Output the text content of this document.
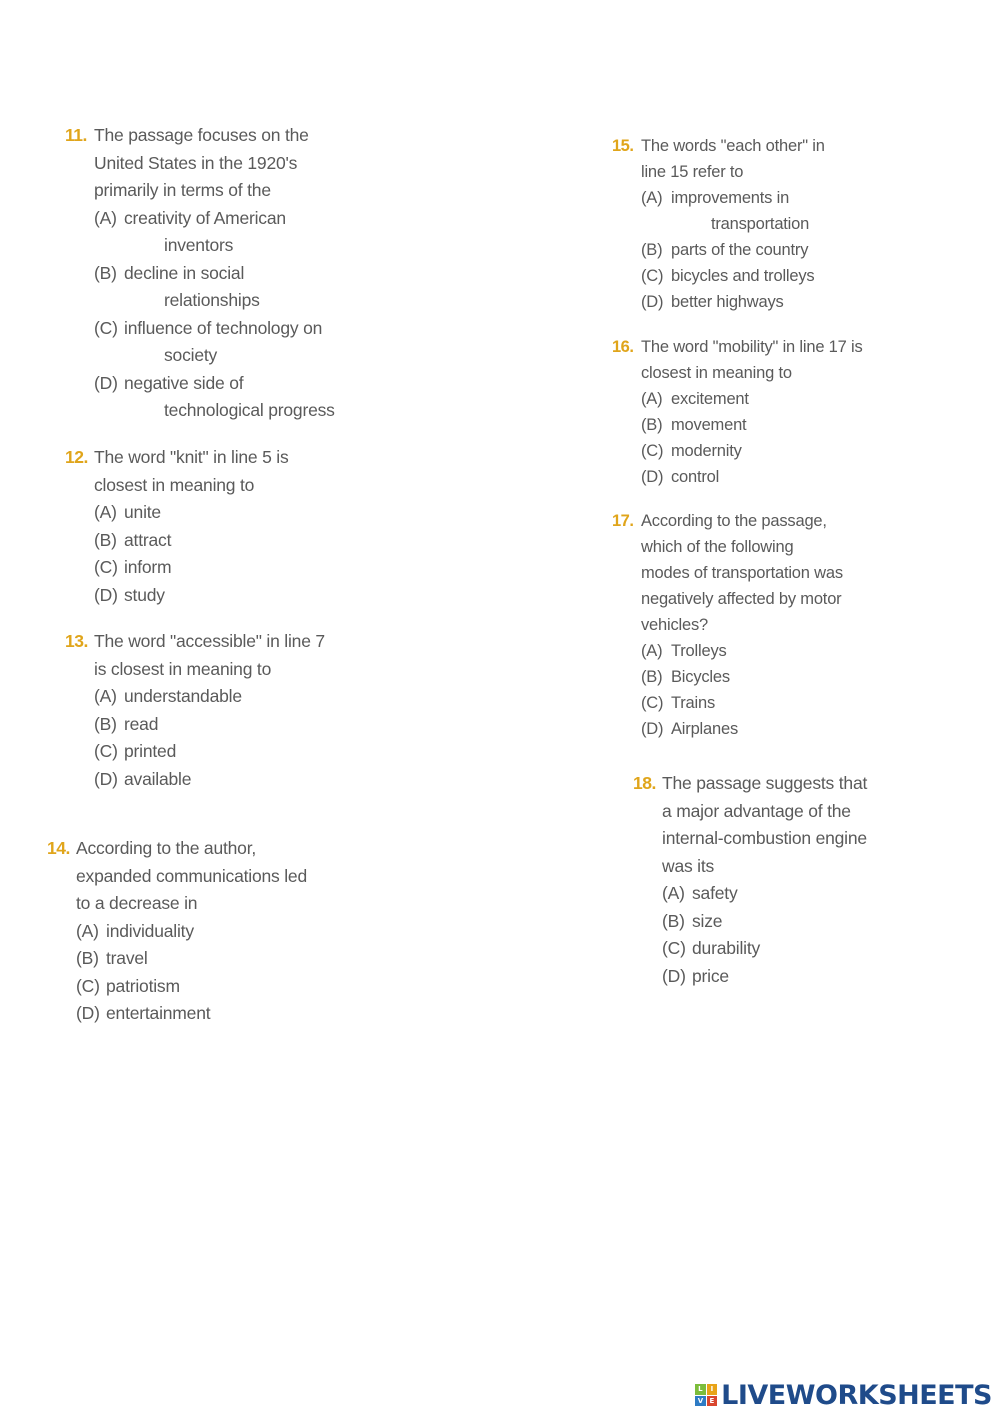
11. The passage focuses on the
United States in the 1920's
primarily in terms of the
(A) creativity of American
inventors
(B) decline in social
relationships
(C) influence of technology on
society
(D) negative side of
technological progress
12. The word "knit" in line 5 is
closest in meaning to
(A) unite
(B) attract
(C) inform
(D) study
13. The word "accessible" in line 7
is closest in meaning to
(A) understandable
(B) read
(C) printed
(D) available
14. According to the author,
expanded communications led
to a decrease in
(A) individuality
(B) travel
(C) patriotism
(D) entertainment
15. The words "each other" in
line 15 refer to
(A) improvements in
transportation
(B) parts of the country
(C) bicycles and trolleys
(D) better highways
16. The word "mobility" in line 17 is
closest in meaning to
(A) excitement
(B) movement
(C) modernity
(D) control
17. According to the passage,
which of the following
modes of transportation was
negatively affected by motor
vehicles?
(A) Trolleys
(B) Bicycles
(C) Trains
(D) Airplanes
18. The passage suggests that
a major advantage of the
internal-combustion engine
was its
(A) safety
(B) size
(C) durability
(D) price
L	I
V E LIVEWORKSHEETS
